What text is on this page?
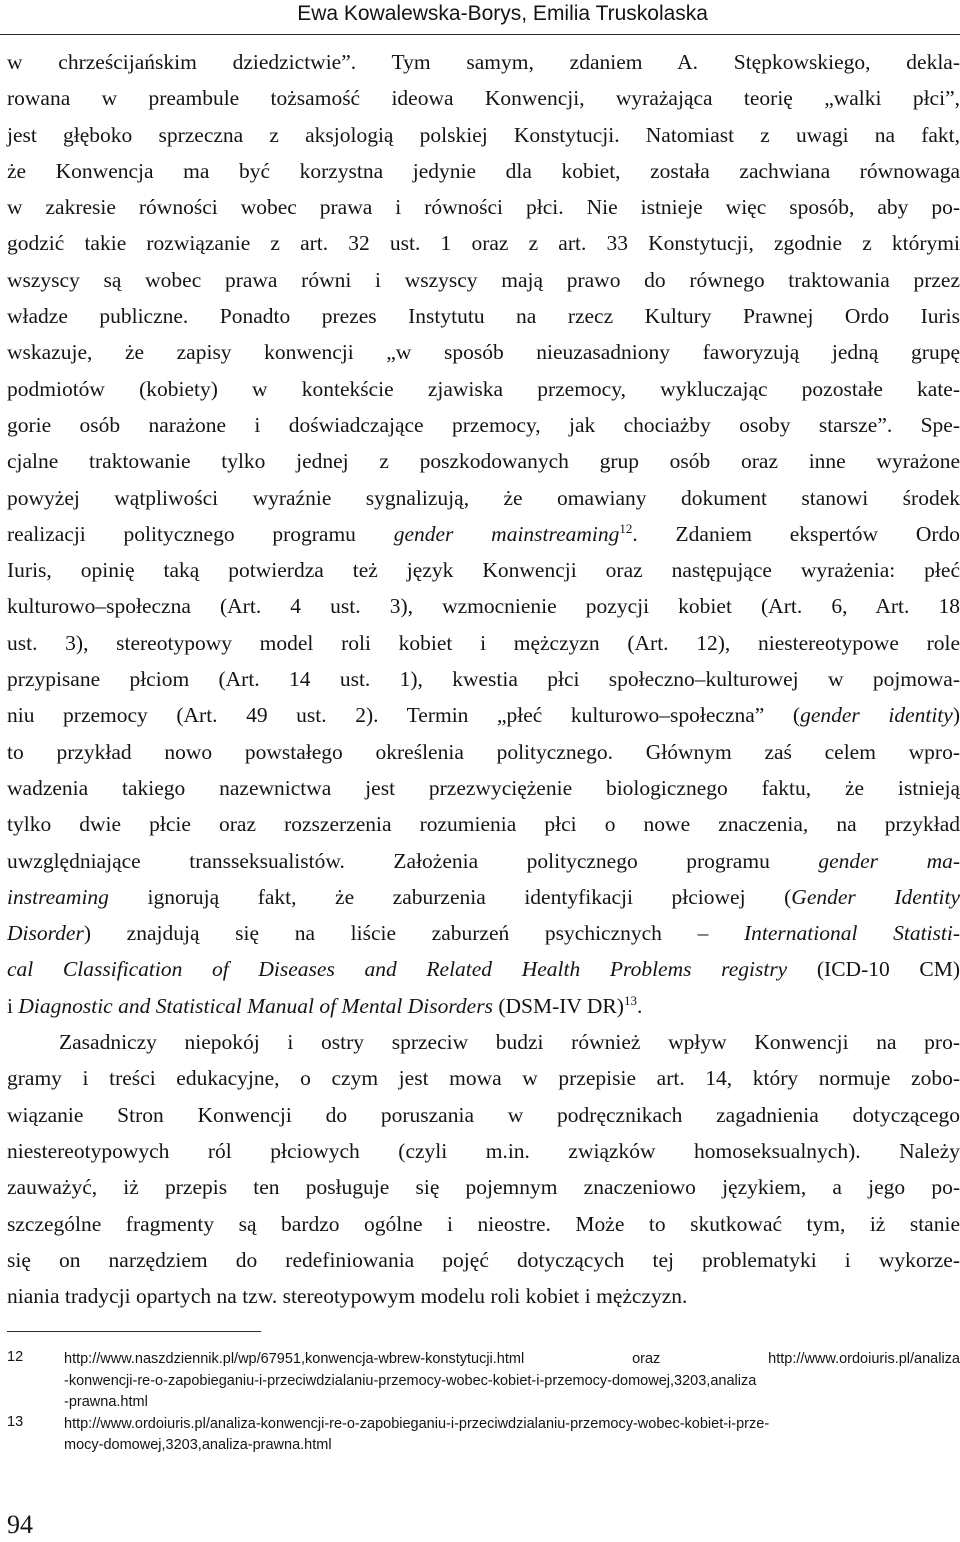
Ewa Kowalewska-Borys, Emilia Truskolaska
w chrześcijańskim dziedzictwie”. Tym samym, zdaniem A. Stępkowskiego, dekla-
rowana w preambule tożsamość ideowa Konwencji, wyrażająca teorię „walki płci”,
jest głęboko sprzeczna z aksjologią polskiej Konstytucji. Natomiast z uwagi na fakt,
że Konwencja ma być korzystna jedynie dla kobiet, została zachwiana równowaga
w zakresie równości wobec prawa i równości płci. Nie istnieje więc sposób, aby po-
godzić takie rozwiązanie z art. 32 ust. 1 oraz z art. 33 Konstytucji, zgodnie z którymi
wszyscy są wobec prawa równi i wszyscy mają prawo do równego traktowania przez
władze publiczne. Ponadto prezes Instytutu na rzecz Kultury Prawnej Ordo Iuris
wskazuje, że zapisy konwencji „w sposób nieuzasadniony faworyzują jedną grupę
podmiotów (kobiety) w kontekście zjawiska przemocy, wykluczając pozostałe kate-
gorie osób narażone i doświadczające przemocy, jak chociażby osoby starsze”. Spe-
cjalne traktowanie tylko jednej z poszkodowanych grup osób oraz inne wyrażone
powyżej wątpliwości wyraźnie sygnalizują, że omawiany dokument stanowi środek
realizacji politycznego programu gender mainstreaming$^{12}$. Zdaniem ekspertów Ordo
Iuris, opinię taką potwierdza też język Konwencji oraz następujące wyrażenia: płeć
kulturowo–społeczna (Art. 4 ust. 3), wzmocnienie pozycji kobiet (Art. 6, Art. 18
ust. 3), stereotypowy model roli kobiet i mężczyzn (Art. 12), niestereotypowe role
przypisane płciom (Art. 14 ust. 1), kwestia płci społeczno–kulturowej w pojmowa-
niu przemocy (Art. 49 ust. 2). Termin „płeć kulturowo–społeczna” (gender identity)
to przykład nowo powstałego określenia politycznego. Głównym zaś celem wpro-
wadzenia takiego nazewnictwa jest przezwyciężenie biologicznego faktu, że istnieją
tylko dwie płcie oraz rozszerzenia rozumienia płci o nowe znaczenia, na przykład
uwzględniające transseksualistów. Założenia politycznego programu gender ma-
instreaming ignorują fakt, że zaburzenia identyfikacji płciowej (Gender Identity
Disorder) znajdują się na liście zaburzeń psychicznych – International Statisti-
cal Classification of Diseases and Related Health Problems registry (ICD-10 CM)
i Diagnostic and Statistical Manual of Mental Disorders (DSM-IV DR)$^{13}$.
Zasadniczy niepokój i ostry sprzeciw budzi również wpływ Konwencji na pro-
gramy i treści edukacyjne, o czym jest mowa w przepisie art. 14, który normuje zobo-
wiązanie Stron Konwencji do poruszania w podręcznikach zagadnienia dotyczącego
niestereotypowych ról płciowych (czyli m.in. związków homoseksualnych). Należy
zauważyć, iż przepis ten posługuje się pojemnym znaczeniowo językiem, a jego po-
szczególne fragmenty są bardzo ogólne i nieostre. Może to skutkować tym, iż stanie
się on narzędziem do redefiniowania pojęć dotyczących tej problematyki i wykorze-
niania tradycji opartych na tzw. stereotypowym modelu roli kobiet i mężczyzn.
12	http://www.naszdziennik.pl/wp/67951,konwencja-wbrew-konstytucji.html oraz http://www.ordoiuris.pl/analiza
-konwencji-re-o-zapobieganiu-i-przeciwdzialaniu-przemocy-wobec-kobiet-i-przemocy-domowej,3203,analiza
-prawna.html
13	http://www.ordoiuris.pl/analiza-konwencji-re-o-zapobieganiu-i-przeciwdzialaniu-przemocy-wobec-kobiet-i-prze-
mocy-domowej,3203,analiza-prawna.html
94
